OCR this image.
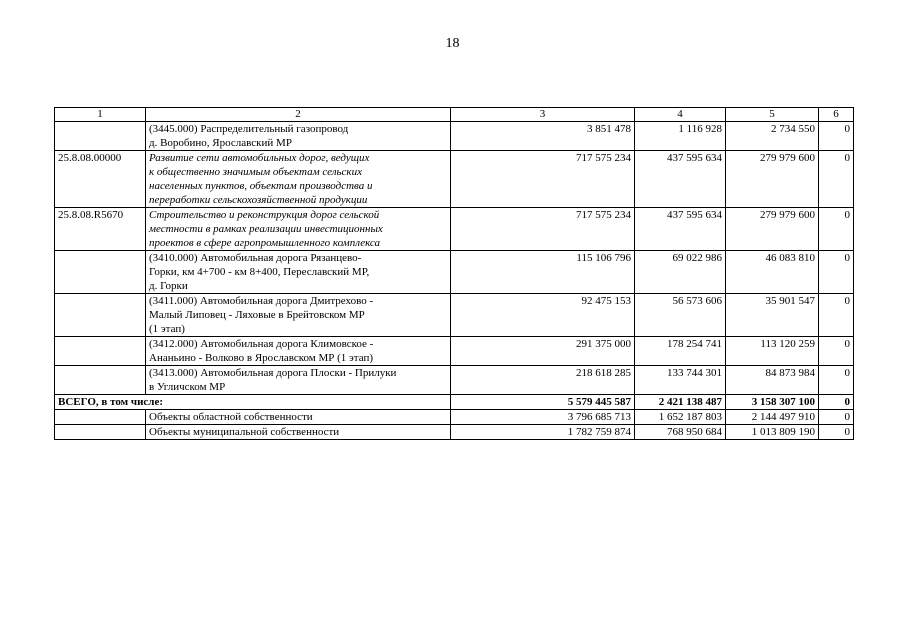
18
1	2	3	4	5	6

	(3445.000) Распределительный газопровод
д. Воробино, Ярославский МР	3 851 478	1 116 928	2 734 550	0
25.8.08.00000	Развитие сети автомобильных дорог, ведущих
к общественно значимым объектам сельских
населенных пунктов, объектам производства и
переработки сельскохозяйственной продукции	717 575 234	437 595 634	279 979 600	0
25.8.08.R5670	Строительство и реконструкция дорог сельской
местности в рамках реализации инвестиционных
проектов в сфере агропромышленного комплекса	717 575 234	437 595 634	279 979 600	0

	(3410.000) Автомобильная дорога Рязанцево-
Горки, км 4+700 - км 8+400, Переславский МР,
д. Горки	115 106 796	69 022 986	46 083 810	0

	(3411.000) Автомобильная дорога Дмитрехово -
Малый Липовец - Ляховые в Брейтовском МР
(1 этап)	92 475 153	56 573 606	35 901 547	0

	(3412.000) Автомобильная дорога Климовское -
Ананьино - Волково в Ярославском МР (1 этап)	291 375 000	178 254 741	113 120 259	0

	(3413.000) Автомобильная дорога Плоски - Прилуки
в Угличском МР	218 618 285	133 744 301	84 873 984	0
ВСЕГО, в том числе:		5 579 445 587	2 421 138 487	3 158 307 100	0
	Объекты областной собственности	3 796 685 713	1 652 187 803	2 144 497 910	0
	Объекты муниципальной собственности	1 782 759 874	768 950 684	1 013 809 190	0
